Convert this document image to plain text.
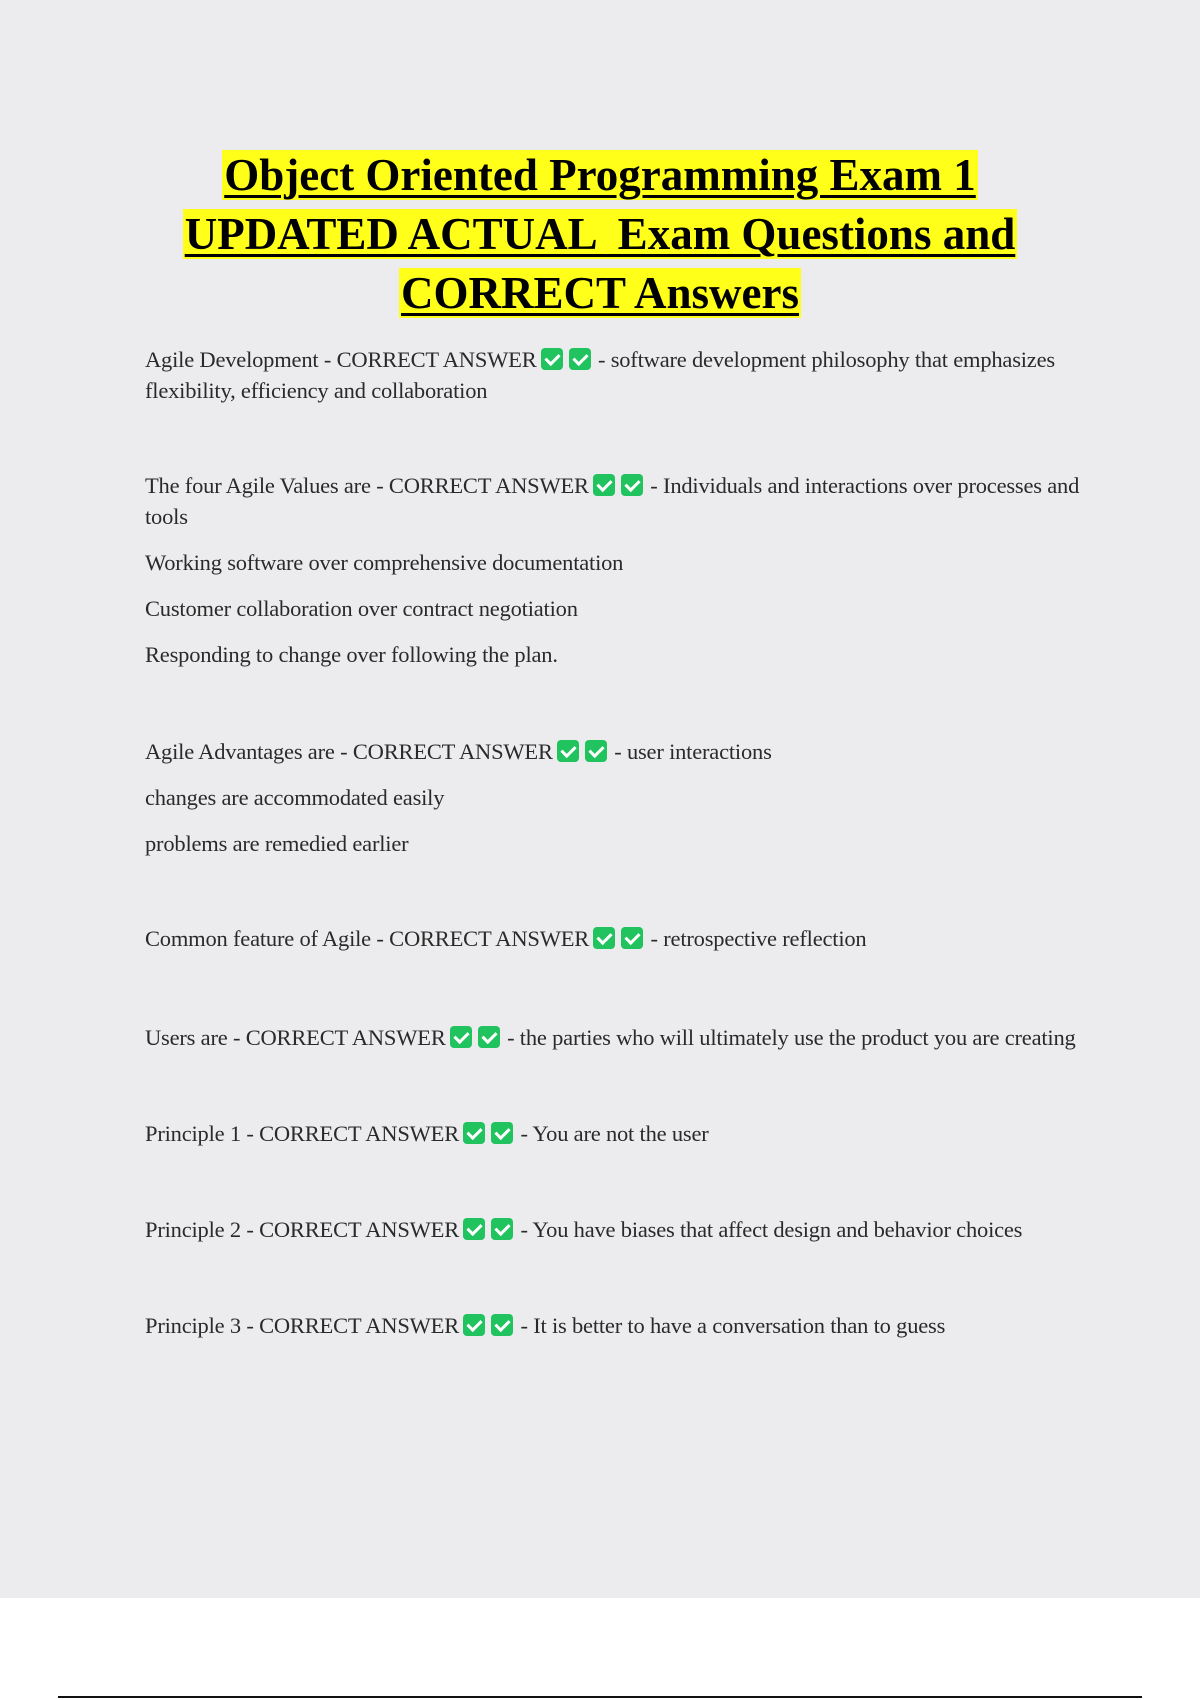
Object Oriented Programming Exam 1
UPDATED ACTUAL  Exam Questions and
CORRECT Answers

Agile Development - CORRECT ANSWER - software development philosophy that emphasizes flexibility, efficiency and collaboration

The four Agile Values are - CORRECT ANSWER - Individuals and interactions over processes and tools

Working software over comprehensive documentation

Customer collaboration over contract negotiation

Responding to change over following the plan.

Agile Advantages are - CORRECT ANSWER - user interactions

changes are accommodated easily

problems are remedied earlier

Common feature of Agile - CORRECT ANSWER - retrospective reflection

Users are - CORRECT ANSWER - the parties who will ultimately use the product you are creating

Principle 1 - CORRECT ANSWER - You are not the user

Principle 2 - CORRECT ANSWER - You have biases that affect design and behavior choices

Principle 3 - CORRECT ANSWER - It is better to have a conversation than to guess
